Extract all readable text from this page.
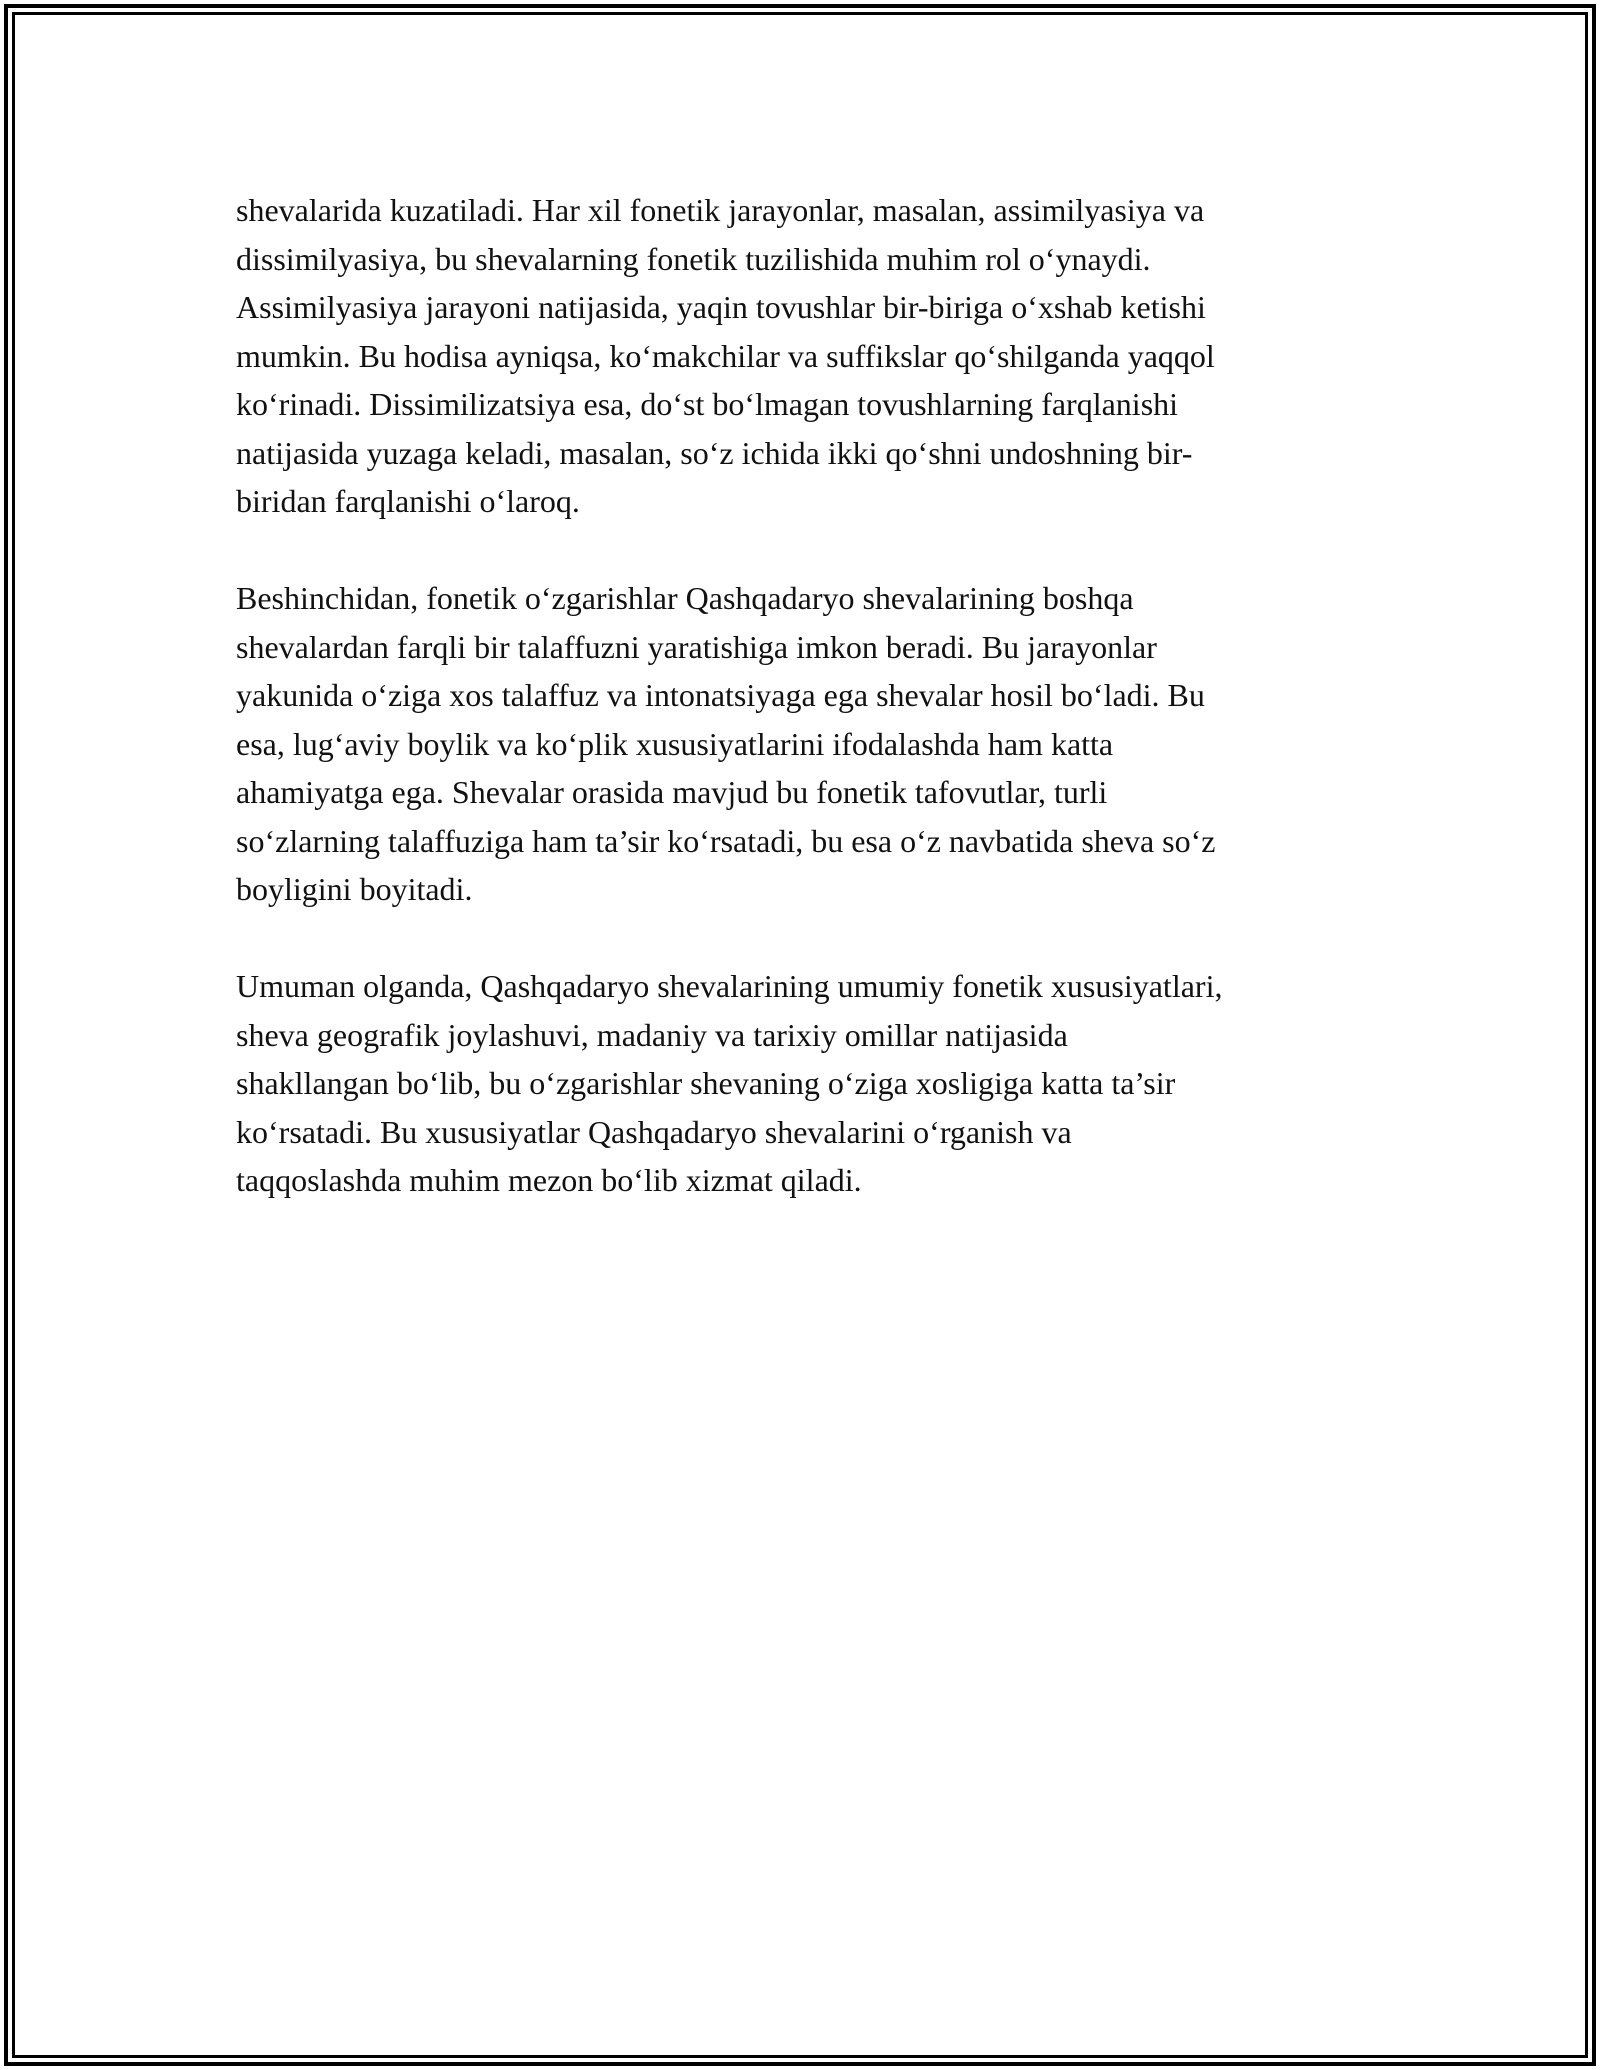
shevalarida kuzatiladi. Har xil fonetik jarayonlar, masalan, assimilyasiya va
dissimilyasiya, bu shevalarning fonetik tuzilishida muhim rol o‘ynaydi.
Assimilyasiya jarayoni natijasida, yaqin tovushlar bir-biriga o‘xshab ketishi
mumkin. Bu hodisa ayniqsa, ko‘makchilar va suffikslar qo‘shilganda yaqqol
ko‘rinadi. Dissimilizatsiya esa, do‘st bo‘lmagan tovushlarning farqlanishi
natijasida yuzaga keladi, masalan, so‘z ichida ikki qo‘shni undoshning bir-
biridan farqlanishi o‘laroq.

Beshinchidan, fonetik o‘zgarishlar Qashqadaryo shevalarining boshqa
shevalardan farqli bir talaffuzni yaratishiga imkon beradi. Bu jarayonlar
yakunida o‘ziga xos talaffuz va intonatsiyaga ega shevalar hosil bo‘ladi. Bu
esa, lug‘aviy boylik va ko‘plik xususiyatlarini ifodalashda ham katta
ahamiyatga ega. Shevalar orasida mavjud bu fonetik tafovutlar, turli
so‘zlarning talaffuziga ham ta’sir ko‘rsatadi, bu esa o‘z navbatida sheva so‘z
boyligini boyitadi.

Umuman olganda, Qashqadaryo shevalarining umumiy fonetik xususiyatlari,
sheva geografik joylashuvi, madaniy va tarixiy omillar natijasida
shakllangan bo‘lib, bu o‘zgarishlar shevaning o‘ziga xosligiga katta ta’sir
ko‘rsatadi. Bu xususiyatlar Qashqadaryo shevalarini o‘rganish va
taqqoslashda muhim mezon bo‘lib xizmat qiladi.
